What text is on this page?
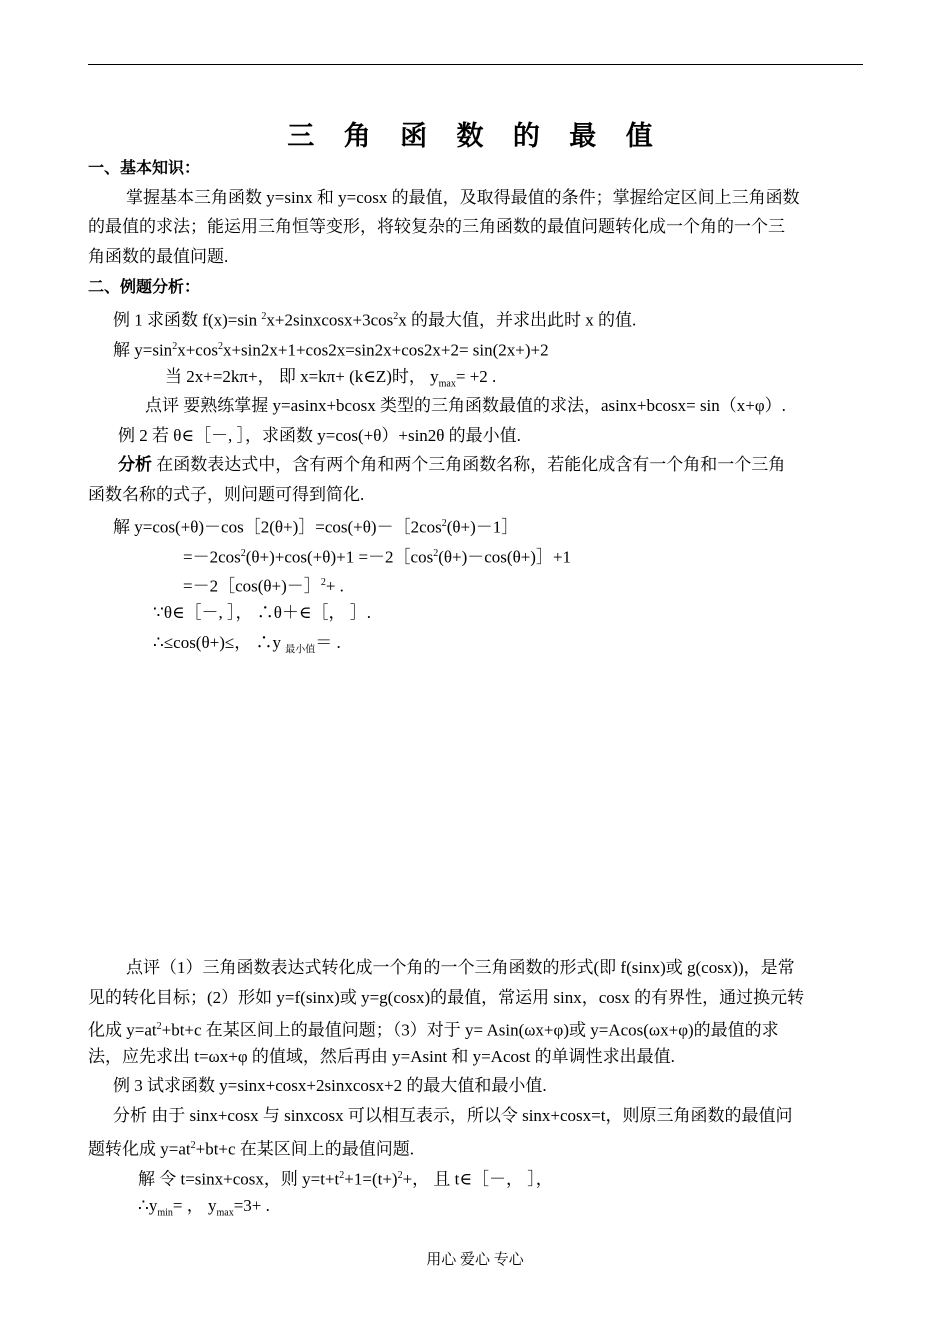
三 角 函 数 的 最 值
一、基本知识：
掌握基本三角函数 y=sinx 和 y=cosx 的最值，及取得最值的条件；掌握给定区间上三角函数
的最值的求法；能运用三角恒等变形，将较复杂的三角函数的最值问题转化成一个角的一个三
角函数的最值问题.
二、例题分析：
例 1 求函数 f(x)=sin $^2x+2sinxcosx+3\cos^2x$ 的最大值，并求出此时 x 的值.
解 $y=\sin^2x+\cos^2x+\sin 2x+1+\cos 2x=\sin 2x+\cos 2x+2= \sin(2x+)+2$
当 2x+=2kπ+， 即 x=kπ+ (k∈Z)时， $y_{max}= +2$ .
点评 要熟练掌握 y=asinx+bcosx 类型的三角函数最值的求法，asinx+bcosx= sin（x+φ）.
例 2 若 θ∈［－, ］，求函数 y=cos(+θ）+sin2θ 的最小值.
分析 在函数表达式中，含有两个角和两个三角函数名称，若能化成含有一个角和一个三角
函数名称的式子，则问题可得到简化.
解 $y=\cos(+\theta)-\cos[2(\theta+)]=\cos(+\theta)-[2\cos^2(\theta+)-1]$
$=-2\cos^2(\theta+)+\cos(+\theta)+1$ $=-2[\cos^2(\theta+)-\cos(\theta+)]+1$
=－2［cos(θ+)－］$^2$+ .
∵θ∈［－, ］， ∴θ＋∈［， ］.
∴≤cos(θ+)≤， ∴y $_{最小值}$＝ .
点评（1）三角函数表达式转化成一个角的一个三角函数的形式(即 f(sinx)或 g(cosx))，是常
见的转化目标；(2）形如 y=f(sinx)或 y=g(cosx)的最值，常运用 sinx，cosx 的有界性，通过换元转
化成 $y=at^2+bt+c$ 在某区间上的最值问题；（3）对于 y= Asin(ωx+φ)或 y=Acos(ωx+φ)的最值的求
法，应先求出 t=ωx+φ 的值域，然后再由 y=Asint 和 y=Acost 的单调性求出最值.
例 3 试求函数 y=sinx+cosx+2sinxcosx+2 的最大值和最小值.
分析 由于 sinx+cosx 与 sinxcosx 可以相互表示，所以令 sinx+cosx=t，则原三角函数的最值问
题转化成 $y=at^2+bt+c$ 在某区间上的最值问题.
解 令 t=sinx+cosx，则 $y=t+t^2+1=(t+)^2+$， 且 t∈［－， ］，
$\therefore y_{min}=$ ， $y_{max}=3+$ .
用心 爱心 专心
